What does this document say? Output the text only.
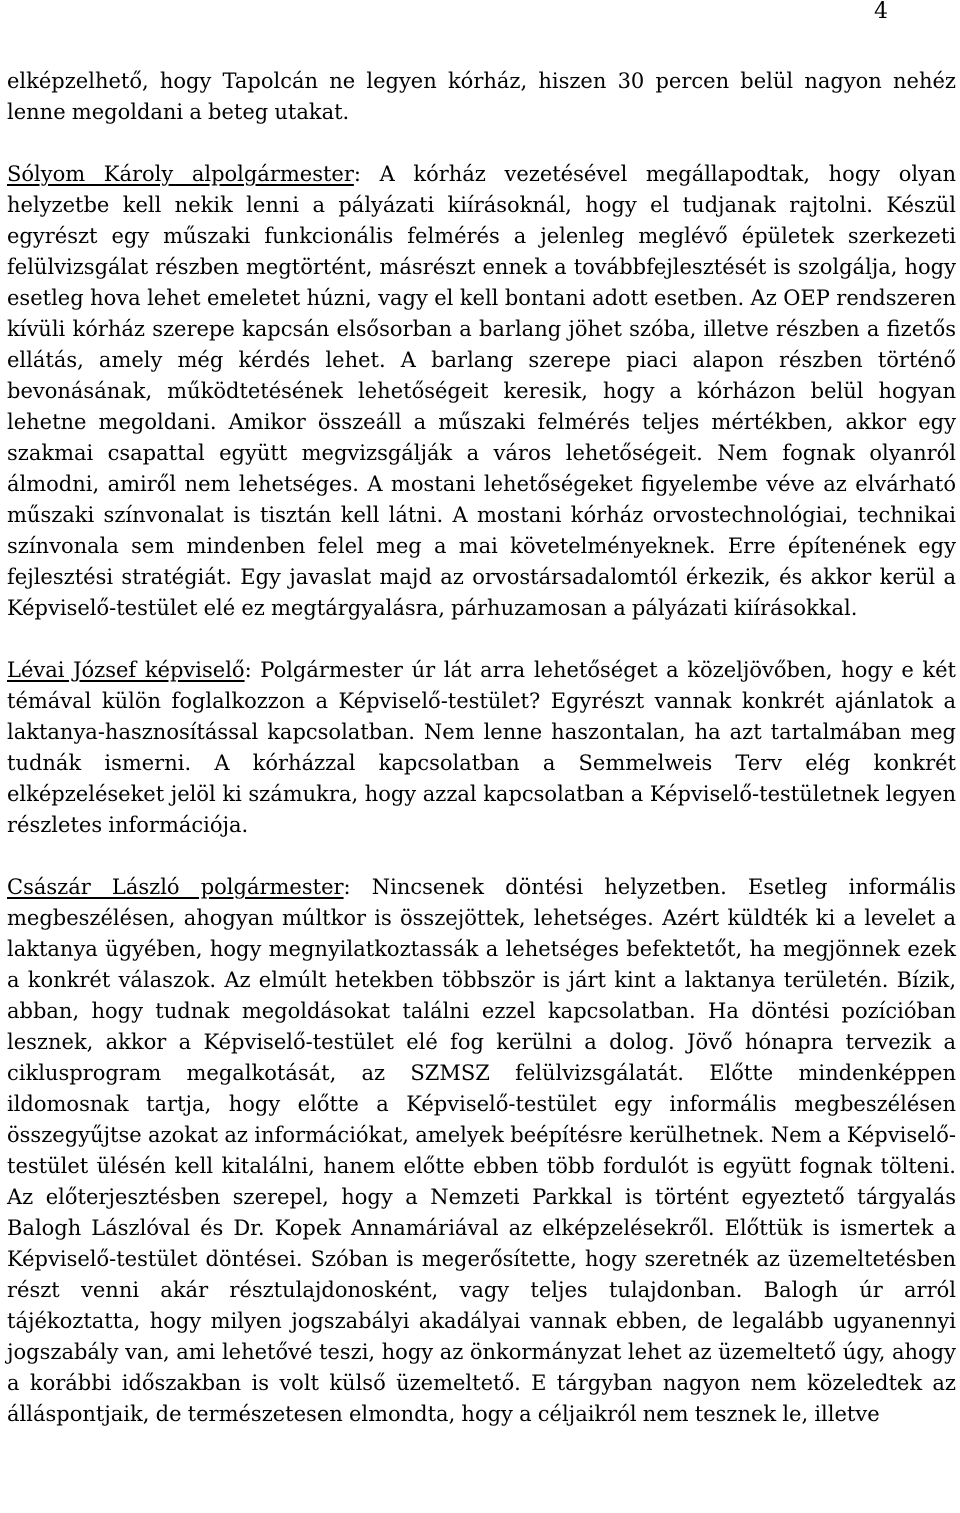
4

elképzelhető, hogy Tapolcán ne legyen kórház, hiszen 30 percen belül nagyon nehéz lenne megoldani a beteg utakat.

Sólyom Károly alpolgármester: A kórház vezetésével megállapodtak, hogy olyan helyzetbe kell nekik lenni a pályázati kiírásoknál, hogy el tudjanak rajtolni. Készül egyrészt egy műszaki funkcionális felmérés a jelenleg meglévő épületek szerkezeti felülvizsgálat részben megtörtént, másrészt ennek a továbbfejlesztését is szolgálja, hogy esetleg hova lehet emeletet húzni, vagy el kell bontani adott esetben. Az OEP rendszeren kívüli kórház szerepe kapcsán elsősorban a barlang jöhet szóba, illetve részben a fizetős ellátás, amely még kérdés lehet. A barlang szerepe piaci alapon részben történő bevonásának, működtetésének lehetőségeit keresik, hogy a kórházon belül hogyan lehetne megoldani. Amikor összeáll a műszaki felmérés teljes mértékben, akkor egy szakmai csapattal együtt megvizsgálják a város lehetőségeit. Nem fognak olyanról álmodni, amiről nem lehetséges. A mostani lehetőségeket figyelembe véve az elvárható műszaki színvonalat is tisztán kell látni. A mostani kórház orvostechnológiai, technikai színvonala sem mindenben felel meg a mai követelményeknek. Erre építenének egy fejlesztési stratégiát. Egy javaslat majd az orvostársadalomtól érkezik, és akkor kerül a Képviselő-testület elé ez megtárgyalásra, párhuzamosan a pályázati kiírásokkal.

Lévai József képviselő: Polgármester úr lát arra lehetőséget a közeljövőben, hogy e két témával külön foglalkozzon a Képviselő-testület? Egyrészt vannak konkrét ajánlatok a laktanya-hasznosítással kapcsolatban. Nem lenne haszontalan, ha azt tartalmában meg tudnák ismerni. A kórházzal kapcsolatban a Semmelweis Terv elég konkrét elképzeléseket jelöl ki számukra, hogy azzal kapcsolatban a Képviselő-testületnek legyen részletes információja.

Császár László polgármester: Nincsenek döntési helyzetben. Esetleg informális megbeszélésen, ahogyan múltkor is összejöttek, lehetséges. Azért küldték ki a levelet a laktanya ügyében, hogy megnyilatkoztassák a lehetséges befektetőt, ha megjönnek ezek a konkrét válaszok. Az elmúlt hetekben többször is járt kint a laktanya területén. Bízik, abban, hogy tudnak megoldásokat találni ezzel kapcsolatban. Ha döntési pozícióban lesznek, akkor a Képviselő-testület elé fog kerülni a dolog. Jövő hónapra tervezik a ciklusprogram megalkotását, az SZMSZ felülvizsgálatát. Előtte mindenképpen ildomosnak tartja, hogy előtte a Képviselő-testület egy informális megbeszélésen összegyűjtse azokat az információkat, amelyek beépítésre kerülhetnek. Nem a Képviselő-testület ülésén kell kitalálni, hanem előtte ebben több fordulót is együtt fognak tölteni. Az előterjesztésben szerepel, hogy a Nemzeti Parkkal is történt egyeztető tárgyalás Balogh Lászlóval és Dr. Kopek Annamáriával az elképzelésekről. Előttük is ismertek a Képviselő-testület döntései. Szóban is megerősítette, hogy szeretnék az üzemeltetésben részt venni akár résztulajdonosként, vagy teljes tulajdonban. Balogh úr arról tájékoztatta, hogy milyen jogszabályi akadályai vannak ebben, de legalább ugyanennyi jogszabály van, ami lehetővé teszi, hogy az önkormányzat lehet az üzemeltető úgy, ahogy a korábbi időszakban is volt külső üzemeltető. E tárgyban nagyon nem közeledtek az álláspontjaik, de természetesen elmondta, hogy a céljaikról nem tesznek le, illetve
